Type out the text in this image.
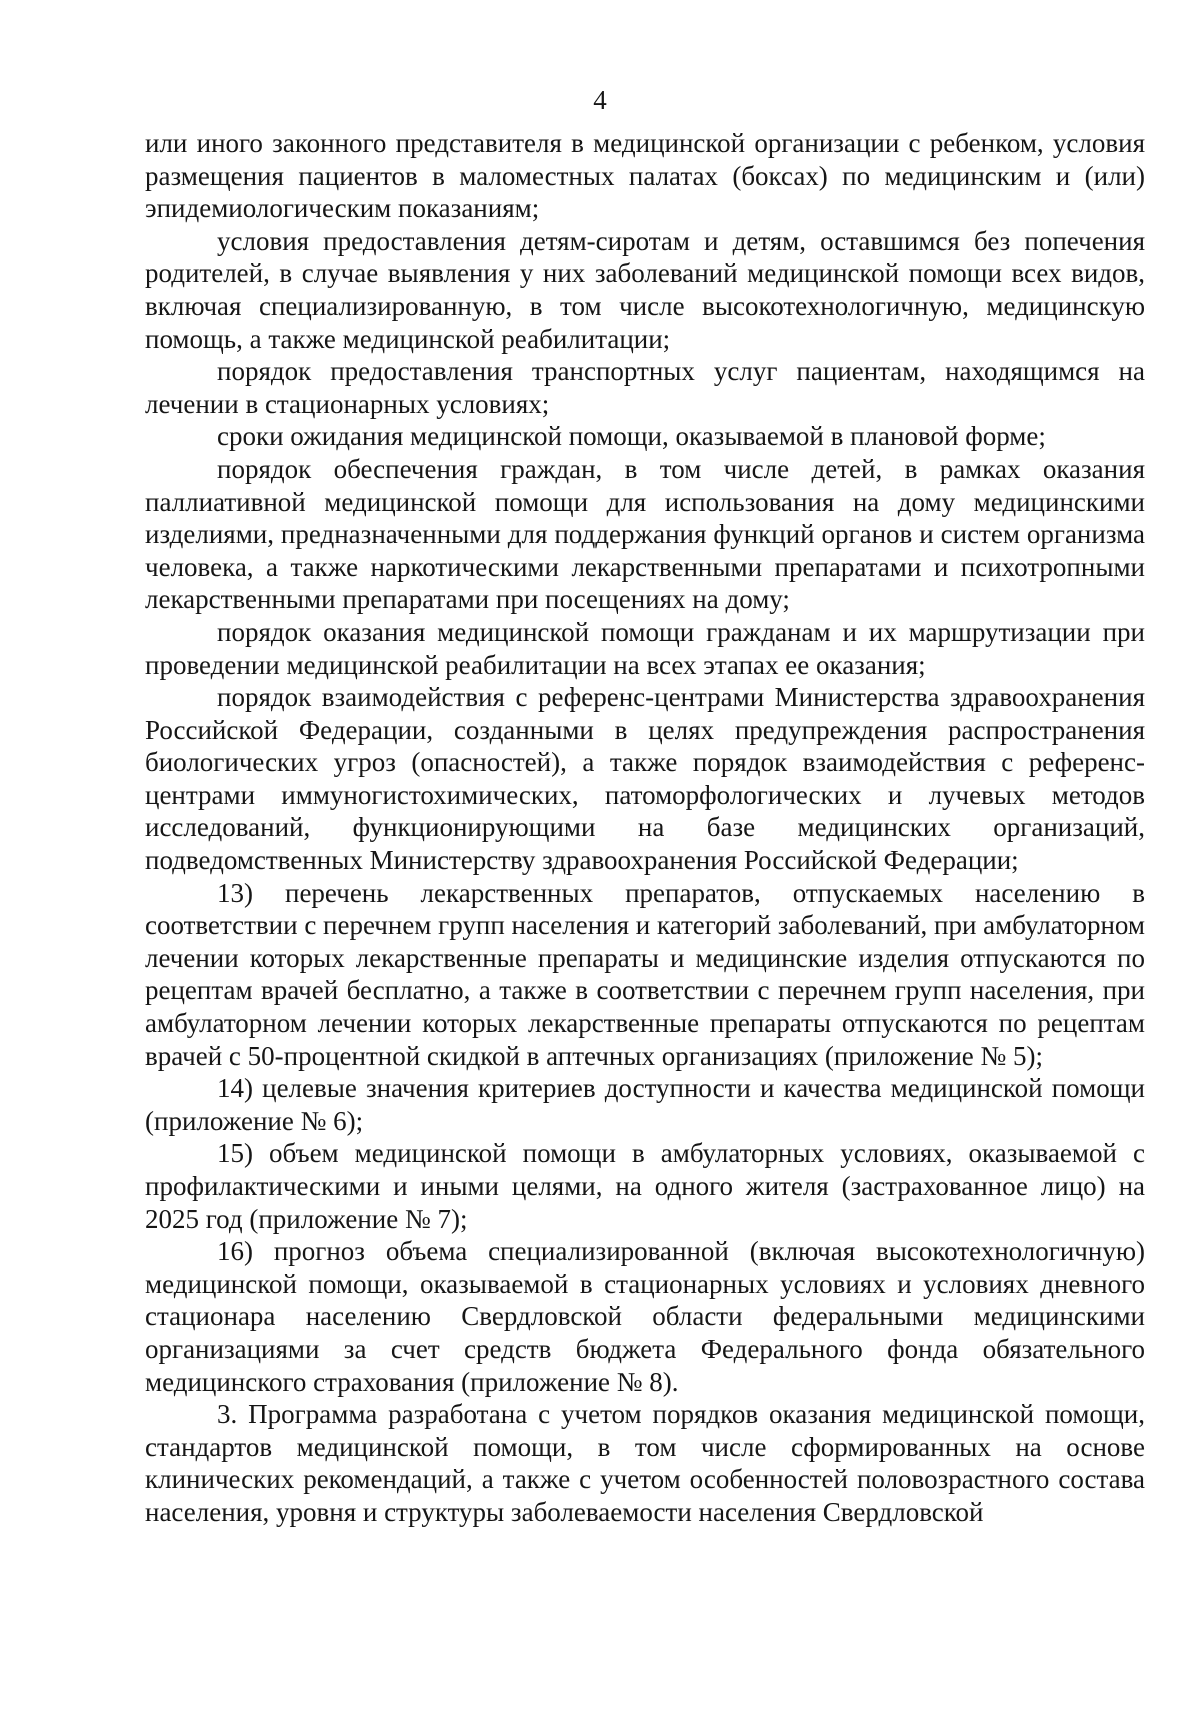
4

или иного законного представителя в медицинской организации с ребенком, условия размещения пациентов в маломестных палатах (боксах) по медицинским и (или) эпидемиологическим показаниям;

условия предоставления детям-сиротам и детям, оставшимся без попечения родителей, в случае выявления у них заболеваний медицинской помощи всех видов, включая специализированную, в том числе высокотехнологичную, медицинскую помощь, а также медицинской реабилитации;

порядок предоставления транспортных услуг пациентам, находящимся на лечении в стационарных условиях;

сроки ожидания медицинской помощи, оказываемой в плановой форме;

порядок обеспечения граждан, в том числе детей, в рамках оказания паллиативной медицинской помощи для использования на дому медицинскими изделиями, предназначенными для поддержания функций органов и систем организма человека, а также наркотическими лекарственными препаратами и психотропными лекарственными препаратами при посещениях на дому;

порядок оказания медицинской помощи гражданам и их маршрутизации при проведении медицинской реабилитации на всех этапах ее оказания;

порядок взаимодействия с референс-центрами Министерства здравоохранения Российской Федерации, созданными в целях предупреждения распространения биологических угроз (опасностей), а также порядок взаимодействия с референс-центрами иммуногистохимических, патоморфологических и лучевых методов исследований, функционирующими на базе медицинских организаций, подведомственных Министерству здравоохранения Российской Федерации;

13) перечень лекарственных препаратов, отпускаемых населению в соответствии с перечнем групп населения и категорий заболеваний, при амбулаторном лечении которых лекарственные препараты и медицинские изделия отпускаются по рецептам врачей бесплатно, а также в соответствии с перечнем групп населения, при амбулаторном лечении которых лекарственные препараты отпускаются по рецептам врачей с 50-процентной скидкой в аптечных организациях (приложение № 5);

14) целевые значения критериев доступности и качества медицинской помощи (приложение № 6);

15) объем медицинской помощи в амбулаторных условиях, оказываемой с профилактическими и иными целями, на одного жителя (застрахованное лицо) на 2025 год (приложение № 7);

16) прогноз объема специализированной (включая высокотехнологичную) медицинской помощи, оказываемой в стационарных условиях и условиях дневного стационара населению Свердловской области федеральными медицинскими организациями за счет средств бюджета Федерального фонда обязательного медицинского страхования (приложение № 8).

3. Программа разработана с учетом порядков оказания медицинской помощи, стандартов медицинской помощи, в том числе сформированных на основе клинических рекомендаций, а также с учетом особенностей половозрастного состава населения, уровня и структуры заболеваемости населения Свердловской
